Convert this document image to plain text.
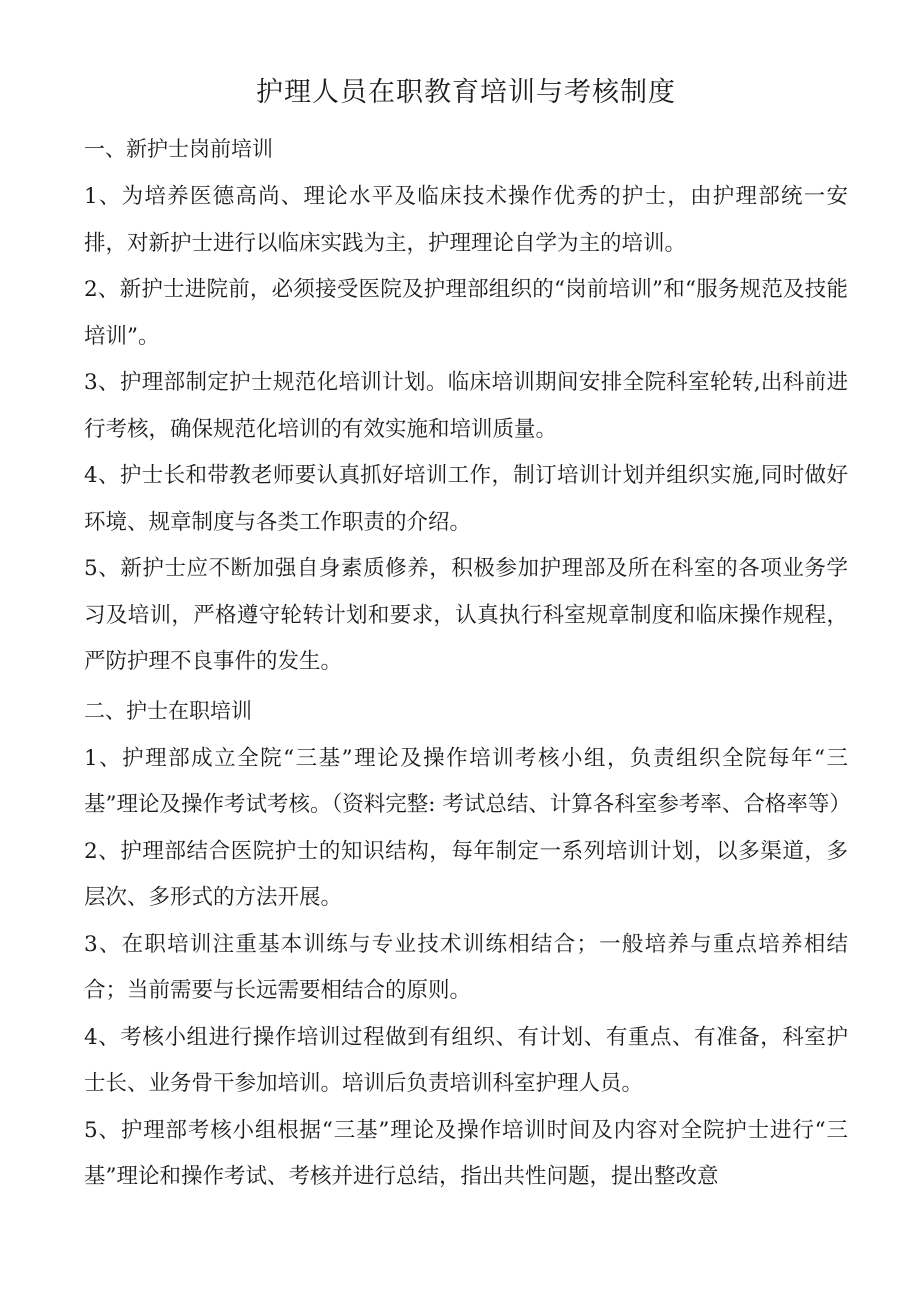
护理人员在职教育培训与考核制度
一、新护士岗前培训

1、为培养医德高尚、理论水平及临床技术操作优秀的护士，由护理部统一安排，对新护士进行以临床实践为主，护理理论自学为主的培训。

2、新护士进院前，必须接受医院及护理部组织的“岗前培训”和“服务规范及技能培训”。

3、护理部制定护士规范化培训计划。临床培训期间安排全院科室轮转,出科前进行考核，确保规范化培训的有效实施和培训质量。

4、护士长和带教老师要认真抓好培训工作，制订培训计划并组织实施,同时做好环境、规章制度与各类工作职责的介绍。

5、新护士应不断加强自身素质修养，积极参加护理部及所在科室的各项业务学习及培训，严格遵守轮转计划和要求，认真执行科室规章制度和临床操作规程，严防护理不良事件的发生。

二、护士在职培训

1、护理部成立全院“三基”理论及操作培训考核小组，负责组织全院每年“三基”理论及操作考试考核。（资料完整: 考试总结、计算各科室参考率、合格率等）

2、护理部结合医院护士的知识结构，每年制定一系列培训计划，以多渠道，多层次、多形式的方法开展。

3、在职培训注重基本训练与专业技术训练相结合；一般培养与重点培养相结合；当前需要与长远需要相结合的原则。

4、考核小组进行操作培训过程做到有组织、有计划、有重点、有准备，科室护士长、业务骨干参加培训。培训后负责培训科室护理人员。

5、护理部考核小组根据“三基”理论及操作培训时间及内容对全院护士进行“三基”理论和操作考试、考核并进行总结，指出共性问题，提出整改意
